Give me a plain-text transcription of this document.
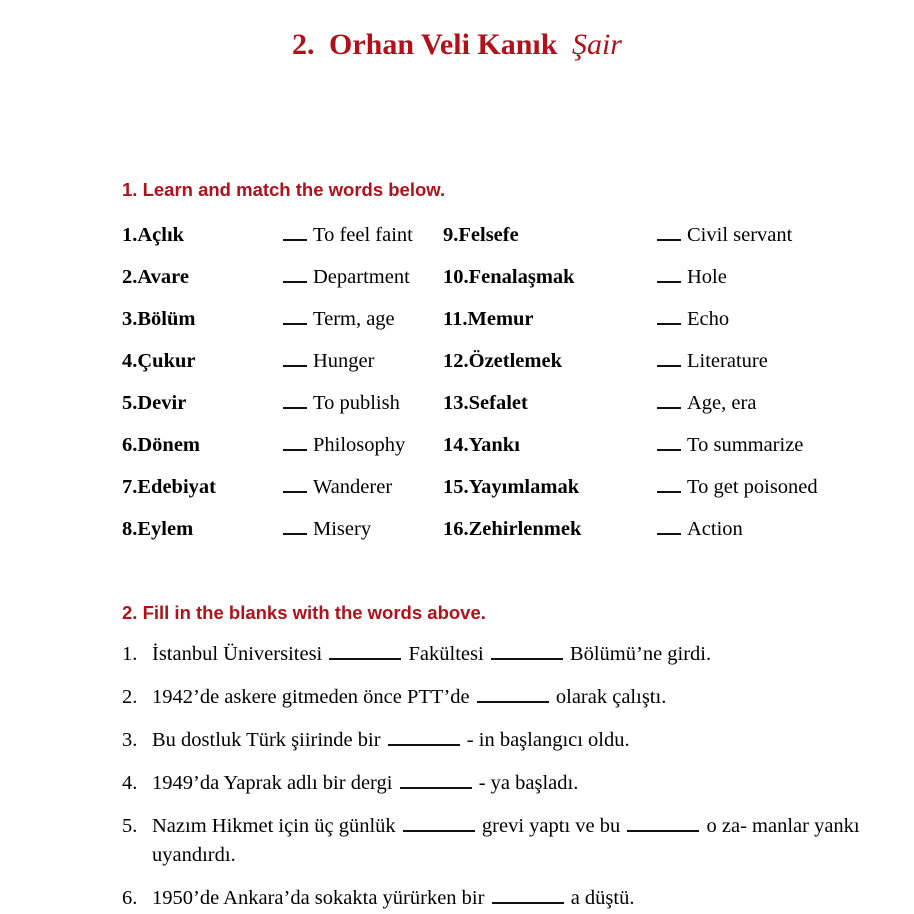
2. Orhan Veli Kanık Şair
1. Learn and match the words below.
1.Açlık	To feel faint 9.Felsefe	Civil servant
2.Avare	Department 10.Fenalaşmak	Hole
3.Bölüm	Term, age 11.Memur	Echo
4.Çukur	Hunger	12.Özetlemek	Literature
5.Devir	To publish 13.Sefalet	Age, era
6.Dönem	Philosophy 14.Yankı	To summarize
7.Edebiyat	Wanderer 15.Yayımlamak	To get poisoned
8.Eylem	Misery	16.Zehirlenmek	Action
2. Fill in the blanks with the words above.
1. İstanbul Üniversitesi	Fakültesi	Bölümü’ne girdi.
2. 1942’de askere gitmeden önce PTT’de	olarak çalıştı.
3. Bu dostluk Türk şiirinde bir	- in başlangıcı oldu.
4. 1949’da Yaprak adlı bir dergi	- ya başladı.
5. Nazım Hikmet için üç günlük	grevi yaptı ve bu	o za- manlar yankı uyandırdı.
6. 1950’de Ankara’da sokakta yürürken bir	a düştü.
